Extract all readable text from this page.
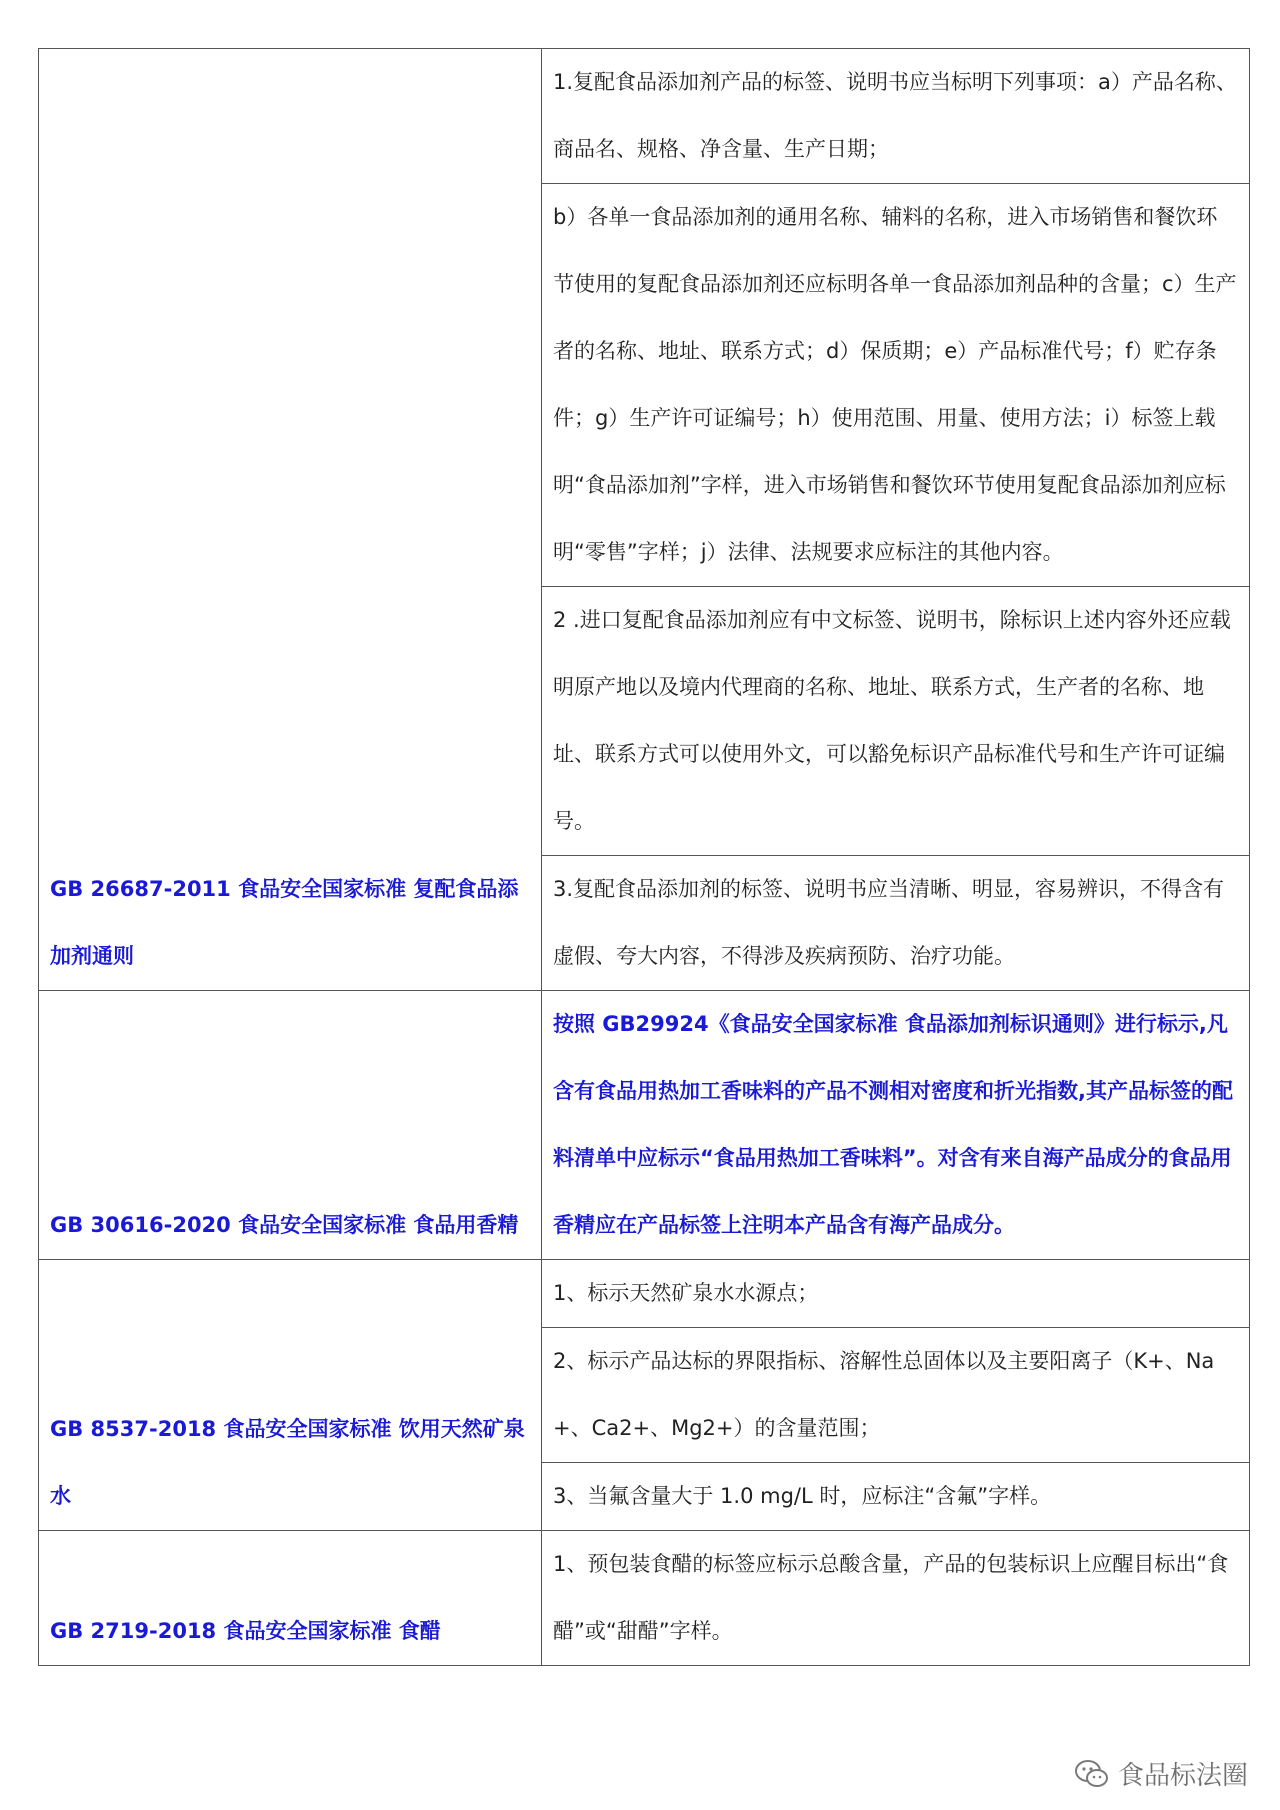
GB 26687-2011 食品安全国家标准 复配食品添加剂通则	1.复配食品添加剂产品的标签、说明书应当标明下列事项：a）产品名称、商品名、规格、净含量、生产日期；
	b）各单一食品添加剂的通用名称、辅料的名称，进入市场销售和餐饮环节使用的复配食品添加剂还应标明各单一食品添加剂品种的含量；c）生产者的名称、地址、联系方式；d）保质期；e）产品标准代号；f）贮存条件；g）生产许可证编号；h）使用范围、用量、使用方法；i）标签上载明“食品添加剂”字样，进入市场销售和餐饮环节使用复配食品添加剂应标明“零售”字样；j）法律、法规要求应标注的其他内容。
	2 .进口复配食品添加剂应有中文标签、说明书，除标识上述内容外还应载明原产地以及境内代理商的名称、地址、联系方式，生产者的名称、地址、联系方式可以使用外文，可以豁免标识产品标准代号和生产许可证编号。
	3.复配食品添加剂的标签、说明书应当清晰、明显，容易辨识，不得含有虚假、夸大内容，不得涉及疾病预防、治疗功能。
GB 30616-2020 食品安全国家标准 食品用香精	按照 GB29924《食品安全国家标准 食品添加剂标识通则》进行标示,凡含有食品用热加工香味料的产品不测相对密度和折光指数,其产品标签的配料清单中应标示“食品用热加工香味料”。对含有来自海产品成分的食品用香精应在产品标签上注明本产品含有海产品成分。
GB 8537-2018 食品安全国家标准 饮用天然矿泉水	1、标示天然矿泉水水源点；
	2、标示产品达标的界限指标、溶解性总固体以及主要阳离子（K+、Na+、Ca2+、Mg2+）的含量范围；
	3、当氟含量大于 1.0 mg/L 时，应标注“含氟”字样。
GB 2719-2018 食品安全国家标准 食醋	1、预包装食醋的标签应标示总酸含量，产品的包装标识上应醒目标出“食醋”或“甜醋”字样。
食品标法圈
